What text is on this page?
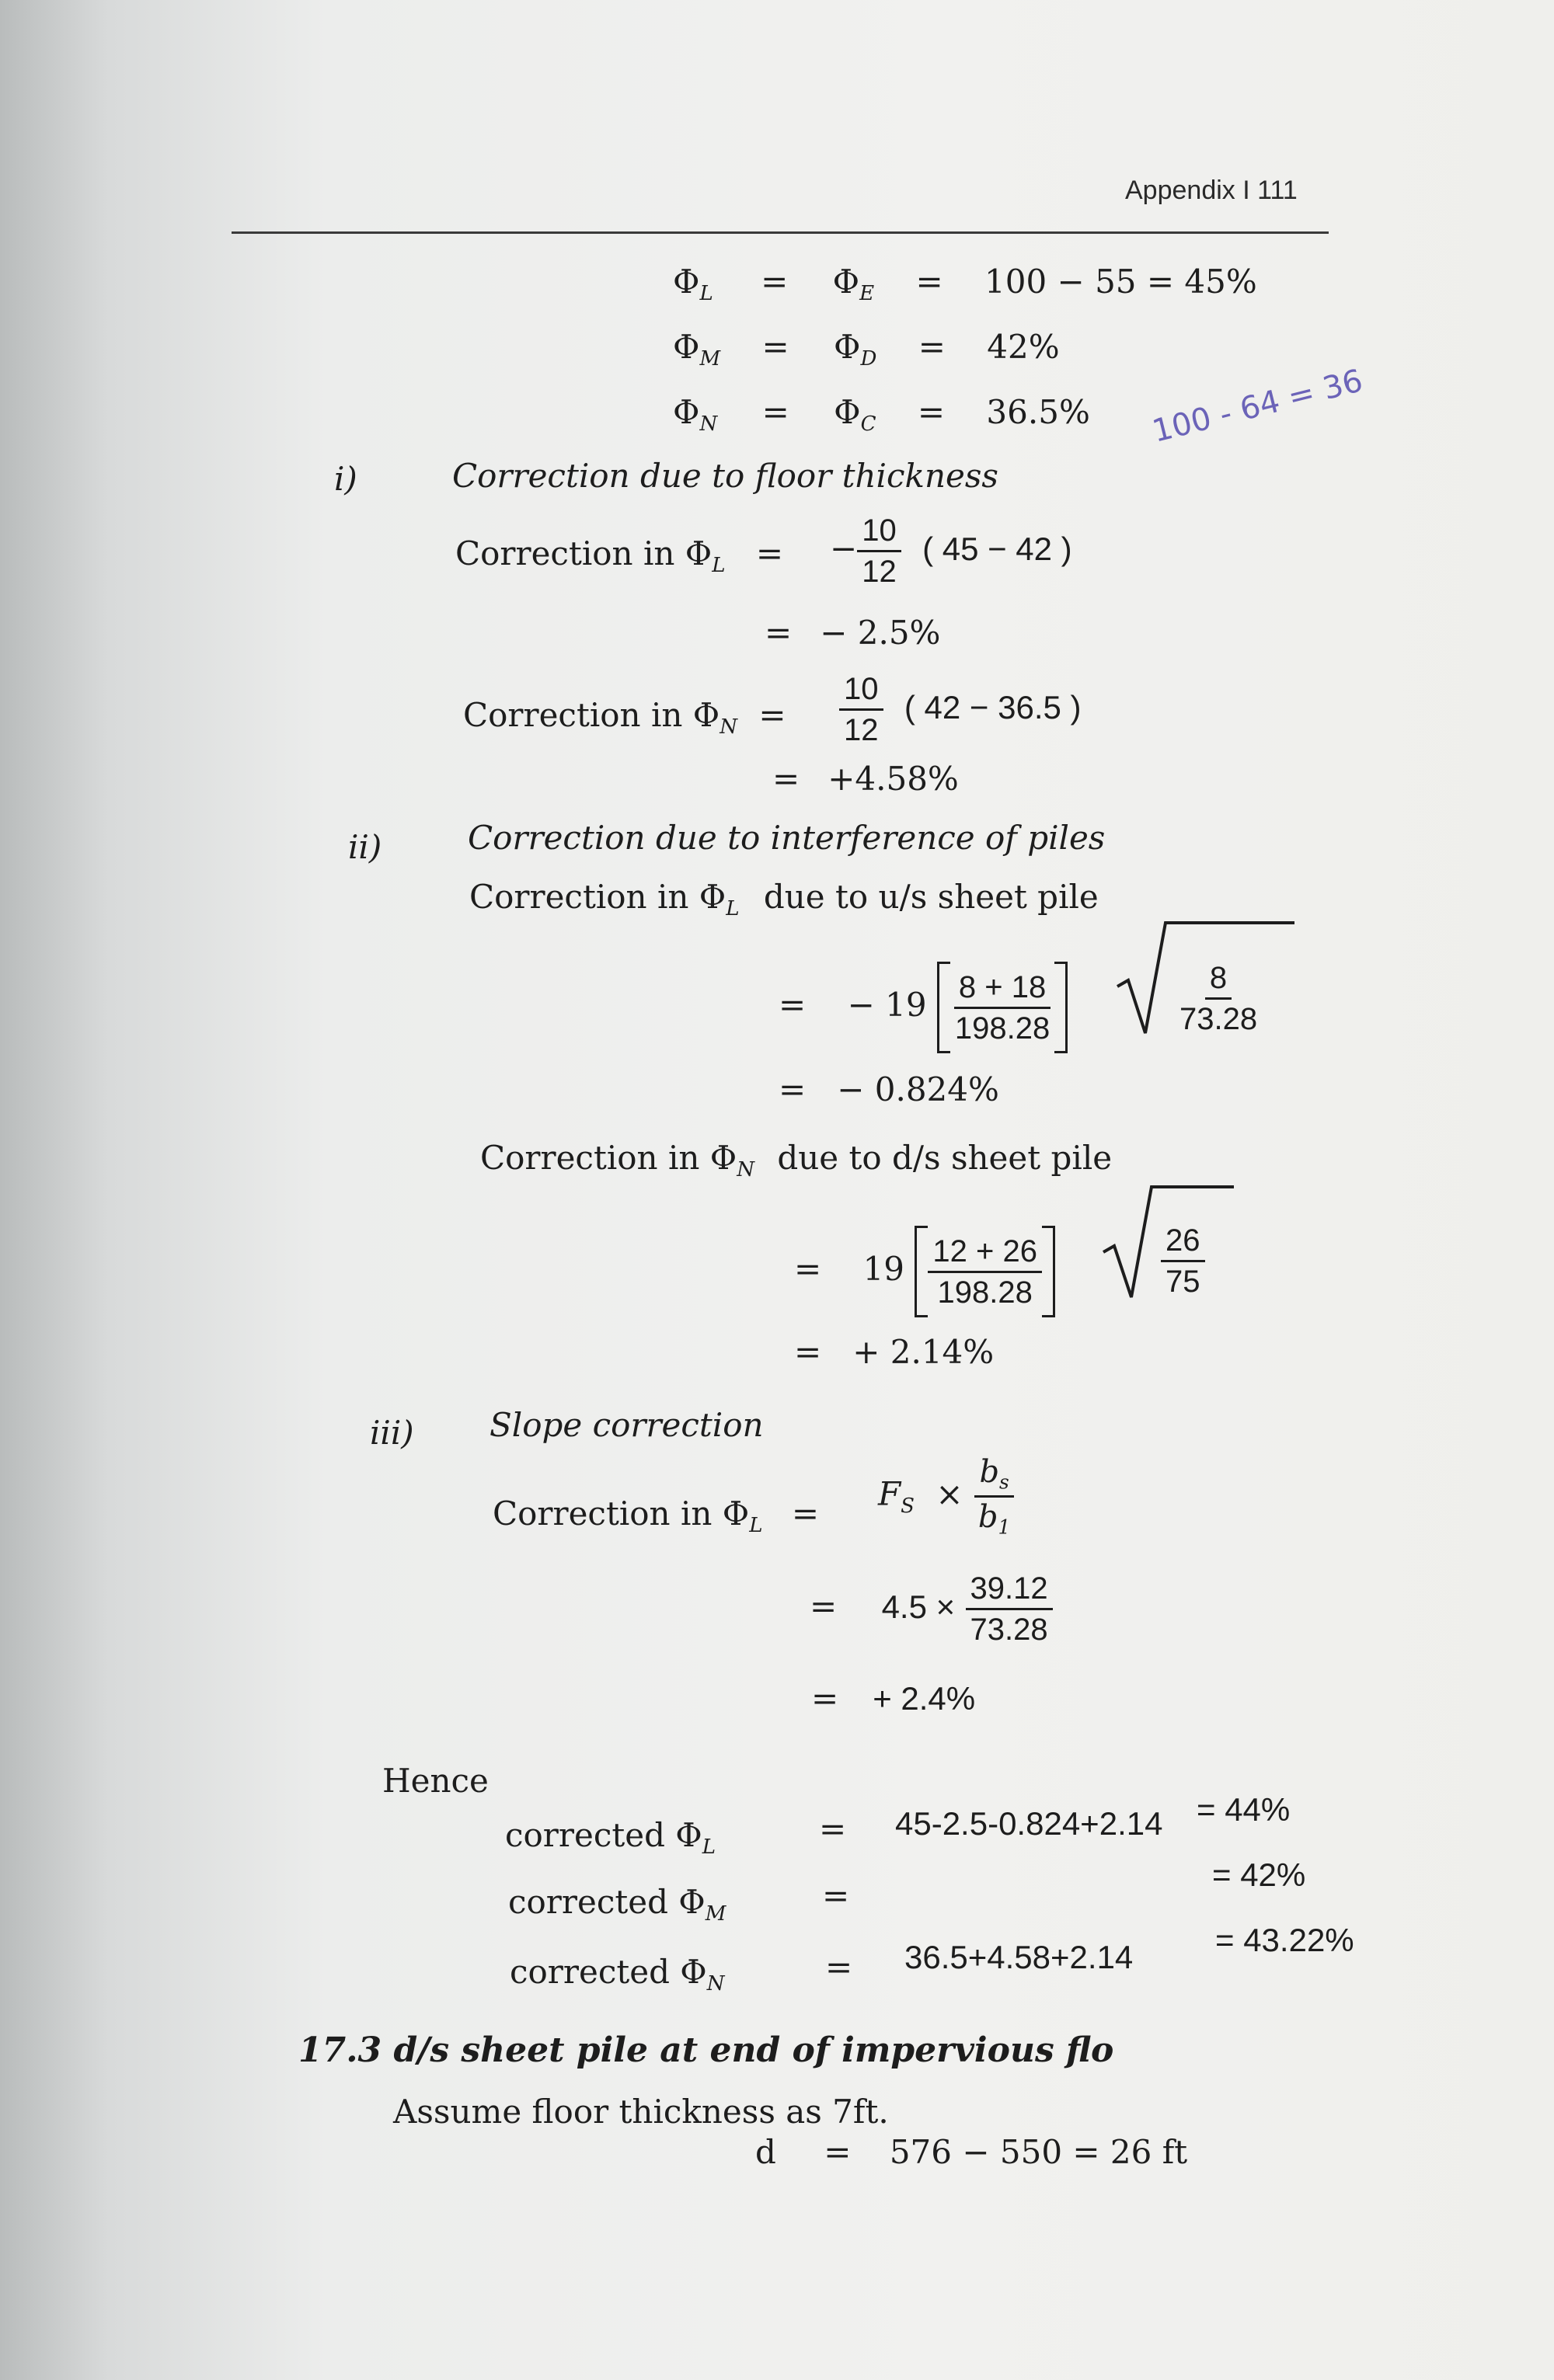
Appendix I 111
$\Phi_L = \Phi_E = 100 - 55 = 45\%$
$\Phi_M = \Phi_D = 42\%$
$\Phi_N = \Phi_C = 36.5\%$ 100 - 64 = 36
i)	Correction due to floor thickness
Correction in $\Phi_L$ = − $\frac{10}{12}$ ( 45 − 42 )
= − 2.5%
Correction in $\Phi_N = \frac{10}{12}$ ( 42 − 36.5 )
= +4.58%
ii)	Correction due to interference of piles
Correction in $\Phi_L$ due to u/s sheet pile
= − $19 \frac{8 + 18}{198.28}$	$\frac{8}{73.28}$
= − 0.824%
Correction in $\Phi_N$ due to d/s sheet pile
= $19 \frac{12 + 26}{198.28}$	$\frac{26}{75}$
= + 2.14%
iii) Slope correction
Correction in $\Phi_L$ =
$F_S \times \frac{b_s}{b_1}$
= $4.5 \times \frac{39.12}{73.28}$
= + 2.4%
Hence
corrected $\Phi_L$	= 45-2.5-0.824+2.14 = 44%
corrected $\Phi_M$	=
= 42%
corrected $\Phi_N$	= 36.5+4.58+2.14	= 43.22%
17.3 d/s sheet pile at end of impervious flo
Assume floor thickness as 7ft.
d = 576 − 550 = 26 ft
